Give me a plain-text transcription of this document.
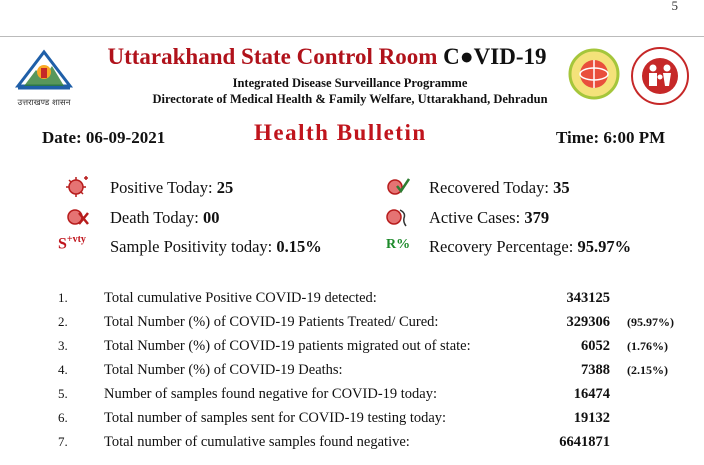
5
उत्तराखण्ड शासन
Uttarakhand State Control Room C●VID-19
Integrated Disease Surveillance Programme
Directorate of Medical Health & Family Welfare, Uttarakhand, Dehradun
Date: 06-09-2021	Health Bulletin	Time: 6:00 PM
$S^{+vty}$	R%
Positive Today: 25
Death Today: 00
Sample Positivity today: 0.15%
Recovered Today: 35
Active Cases: 379
Recovery Percentage: 95.97%
1.	Total cumulative Positive COVID-19 detected:	343125
2.	Total Number (%) of COVID-19 Patients Treated/ Cured:	329306 (95.97%)
3.	Total Number (%) of COVID-19 patients migrated out of state:	6052 (1.76%)
4.	Total Number (%) of COVID-19 Deaths:	7388 (2.15%)
5.	Number of samples found negative for COVID-19 today:	16474
6.	Total number of samples sent for COVID-19 testing today:	19132
7.	Total number of cumulative samples found negative:	6641871
